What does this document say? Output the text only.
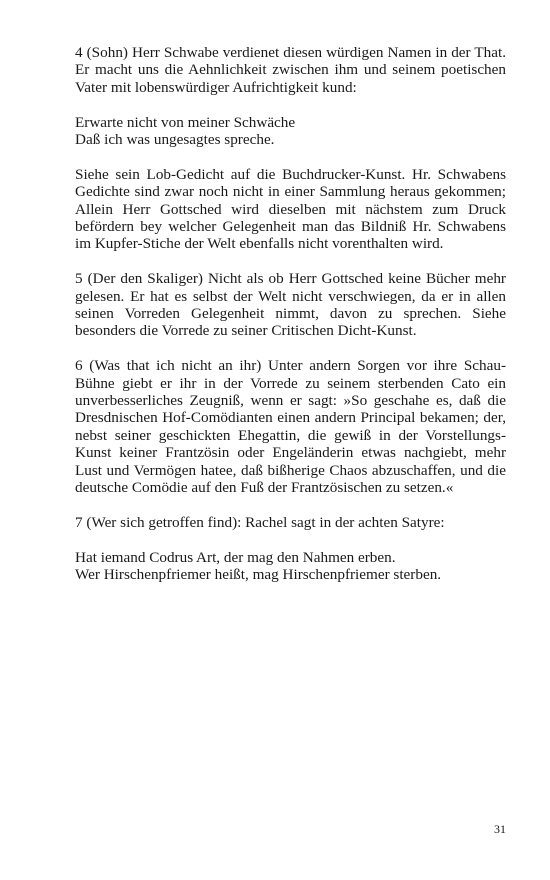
4 (Sohn) Herr Schwabe verdienet diesen würdigen Namen in der That. Er macht uns die Aehnlichkeit zwischen ihm und seinem poetischen Vater mit lobenswürdiger Aufrichtigkeit kund:

Erwarte nicht von meiner Schwäche

Daß ich was ungesagtes spreche.

Siehe sein Lob-Gedicht auf die Buchdrucker-Kunst. Hr. Schwabens Gedichte sind zwar noch nicht in einer Sammlung heraus gekommen; Allein Herr Gottsched wird dieselben mit nächstem zum Druck befördern bey welcher Gelegenheit man das Bildniß Hr. Schwabens im Kupfer-Stiche der Welt ebenfalls nicht vorenthalten wird.

5 (Der den Skaliger) Nicht als ob Herr Gottsched keine Bücher mehr gelesen. Er hat es selbst der Welt nicht verschwiegen, da er in allen seinen Vorreden Gelegenheit nimmt, davon zu sprechen. Siehe besonders die Vorrede zu seiner Critischen Dicht-Kunst.

6 (Was that ich nicht an ihr) Unter andern Sorgen vor ihre Schau-Bühne giebt er ihr in der Vorrede zu seinem sterbenden Cato ein unverbesserliches Zeugniß, wenn er sagt: »So geschahe es, daß die Dresdnischen Hof-Comödianten einen andern Principal bekamen; der, nebst seiner geschickten Ehegattin, die gewiß in der Vorstellungs-Kunst keiner Frantzösin oder Engeländerin etwas nachgiebt, mehr Lust und Vermögen hatee, daß bißherige Chaos abzuschaffen, und die deutsche Comödie auf den Fuß der Frantzösischen zu setzen.«

7 (Wer sich getroffen find): Rachel sagt in der achten Satyre:

Hat iemand Codrus Art, der mag den Nahmen erben.

Wer Hirschenpfriemer heißt, mag Hirschenpfriemer sterben.

31
